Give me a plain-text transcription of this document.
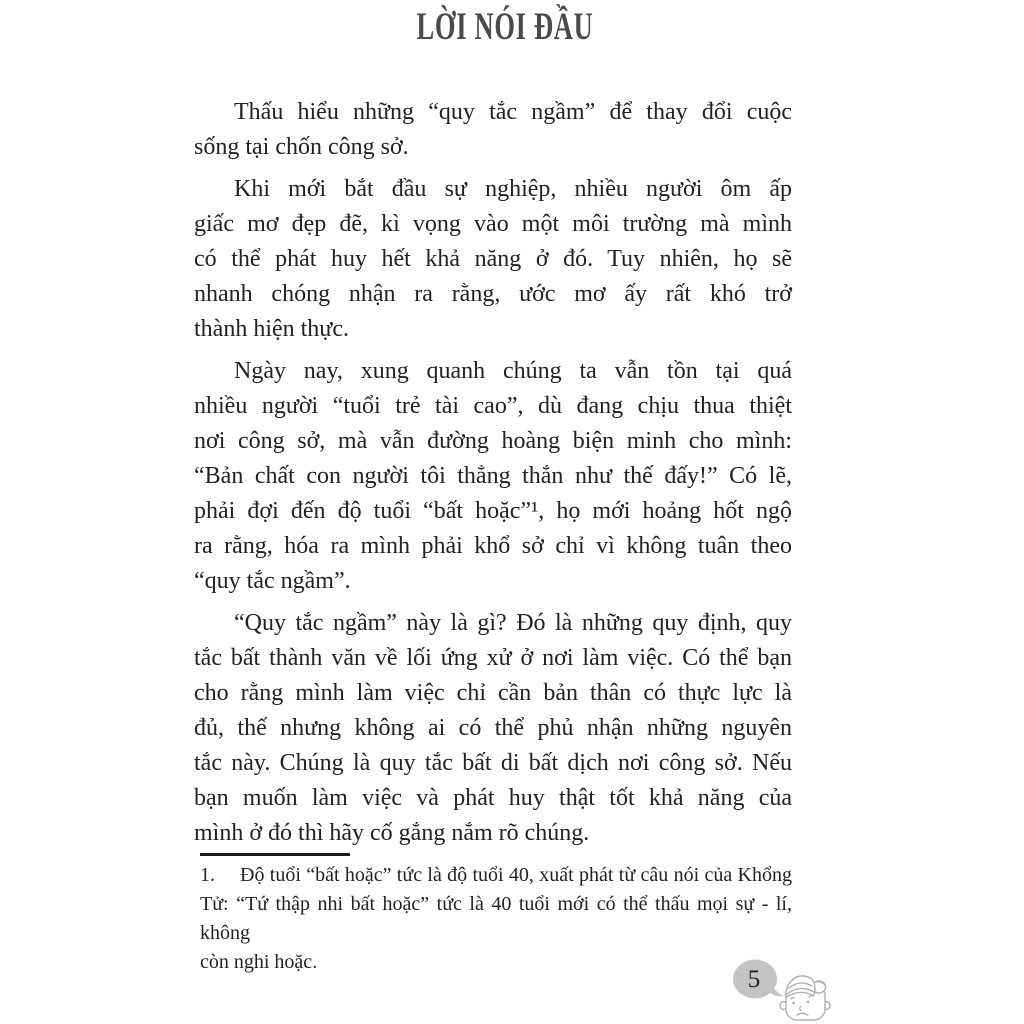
LỜI NÓI ĐẦU
Thấu hiểu những “quy tắc ngầm” để thay đổi cuộc
sống tại chốn công sở.
Khi mới bắt đầu sự nghiệp, nhiều người ôm ấp
giấc mơ đẹp đẽ, kì vọng vào một môi trường mà mình
có thể phát huy hết khả năng ở đó. Tuy nhiên, họ sẽ
nhanh chóng nhận ra rằng, ước mơ ấy rất khó trở
thành hiện thực.
Ngày nay, xung quanh chúng ta vẫn tồn tại quá
nhiều người “tuổi trẻ tài cao”, dù đang chịu thua thiệt
nơi công sở, mà vẫn đường hoàng biện minh cho mình:
“Bản chất con người tôi thẳng thắn như thế đấy!” Có lẽ,
phải đợi đến độ tuổi “bất hoặc”¹, họ mới hoảng hốt ngộ
ra rằng, hóa ra mình phải khổ sở chỉ vì không tuân theo
“quy tắc ngầm”.
“Quy tắc ngầm” này là gì? Đó là những quy định, quy
tắc bất thành văn về lối ứng xử ở nơi làm việc. Có thể bạn
cho rằng mình làm việc chỉ cần bản thân có thực lực là
đủ, thế nhưng không ai có thể phủ nhận những nguyên
tắc này. Chúng là quy tắc bất di bất dịch nơi công sở. Nếu
bạn muốn làm việc và phát huy thật tốt khả năng của
mình ở đó thì hãy cố gắng nắm rõ chúng.
1. Độ tuổi “bất hoặc” tức là độ tuổi 40, xuất phát từ câu nói của Khổng
Tử: “Tứ thập nhi bất hoặc” tức là 40 tuổi mới có thể thấu mọi sự - lí, không
còn nghi hoặc.
5
